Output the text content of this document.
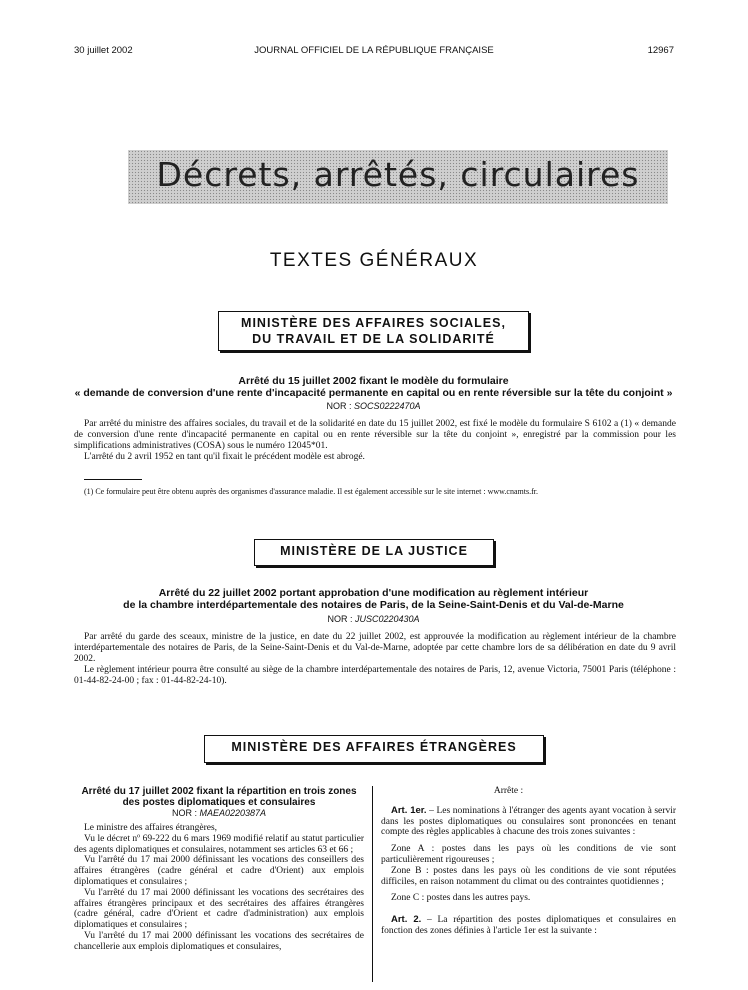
30 juillet 2002	JOURNAL OFFICIEL DE LA RÉPUBLIQUE FRANÇAISE	12967
Décrets, arrêtés, circulaires
TEXTES GÉNÉRAUX
MINISTÈRE DES AFFAIRES SOCIALES,
DU TRAVAIL ET DE LA SOLIDARITÉ
Arrêté du 15 juillet 2002 fixant le modèle du formulaire
« demande de conversion d'une rente d'incapacité permanente en capital ou en rente réversible sur la tête du conjoint »
NOR : SOCS0222470A

Par arrêté du ministre des affaires sociales, du travail et de la solidarité en date du 15 juillet 2002, est fixé le modèle du formulaire S 6102 a (1) « demande de conversion d'une rente d'incapacité permanente en capital ou en rente réversible sur la tête du conjoint », enregistré par la commission pour les simplifications administratives (COSA) sous le numéro 12045*01.

L'arrêté du 2 avril 1952 en tant qu'il fixait le précédent modèle est abrogé.

(1) Ce formulaire peut être obtenu auprès des organismes d'assurance maladie. Il est également accessible sur le site internet : www.cnamts.fr.
MINISTÈRE DE LA JUSTICE
Arrêté du 22 juillet 2002 portant approbation d'une modification au règlement intérieur
de la chambre interdépartementale des notaires de Paris, de la Seine-Saint-Denis et du Val-de-Marne
NOR : JUSC0220430A

Par arrêté du garde des sceaux, ministre de la justice, en date du 22 juillet 2002, est approuvée la modification au règlement intérieur de la chambre interdépartementale des notaires de Paris, de la Seine-Saint-Denis et du Val-de-Marne, adoptée par cette chambre lors de sa délibération en date du 9 avril 2002.

Le règlement intérieur pourra être consulté au siège de la chambre interdépartementale des notaires de Paris, 12, avenue Victoria, 75001 Paris (téléphone : 01-44-82-24-00 ; fax : 01-44-82-24-10).

MINISTÈRE DES AFFAIRES ÉTRANGÈRES
Arrêté du 17 juillet 2002 fixant la répartition en trois zones
des postes diplomatiques et consulaires
NOR : MAEA0220387A

Le ministre des affaires étrangères,

Vu le décret nº 69-222 du 6 mars 1969 modifié relatif au statut particulier des agents diplomatiques et consulaires, notamment ses articles 63 et 66 ;

Vu l'arrêté du 17 mai 2000 définissant les vocations des conseillers des affaires étrangères (cadre général et cadre d'Orient) aux emplois diplomatiques et consulaires ;

Vu l'arrêté du 17 mai 2000 définissant les vocations des secrétaires des affaires étrangères principaux et des secrétaires des affaires étrangères (cadre général, cadre d'Orient et cadre d'administration) aux emplois diplomatiques et consulaires ;

Vu l'arrêté du 17 mai 2000 définissant les vocations des secrétaires de chancellerie aux emplois diplomatiques et consulaires,

Arrête :

Art. 1er. – Les nominations à l'étranger des agents ayant vocation à servir dans les postes diplomatiques ou consulaires sont prononcées en tenant compte des règles applicables à chacune des trois zones suivantes :

Zone A : postes dans les pays où les conditions de vie sont particulièrement rigoureuses ;

Zone B : postes dans les pays où les conditions de vie sont réputées difficiles, en raison notamment du climat ou des contraintes quotidiennes ;

Zone C : postes dans les autres pays.

Art. 2. – La répartition des postes diplomatiques et consulaires en fonction des zones définies à l'article 1er est la suivante :
